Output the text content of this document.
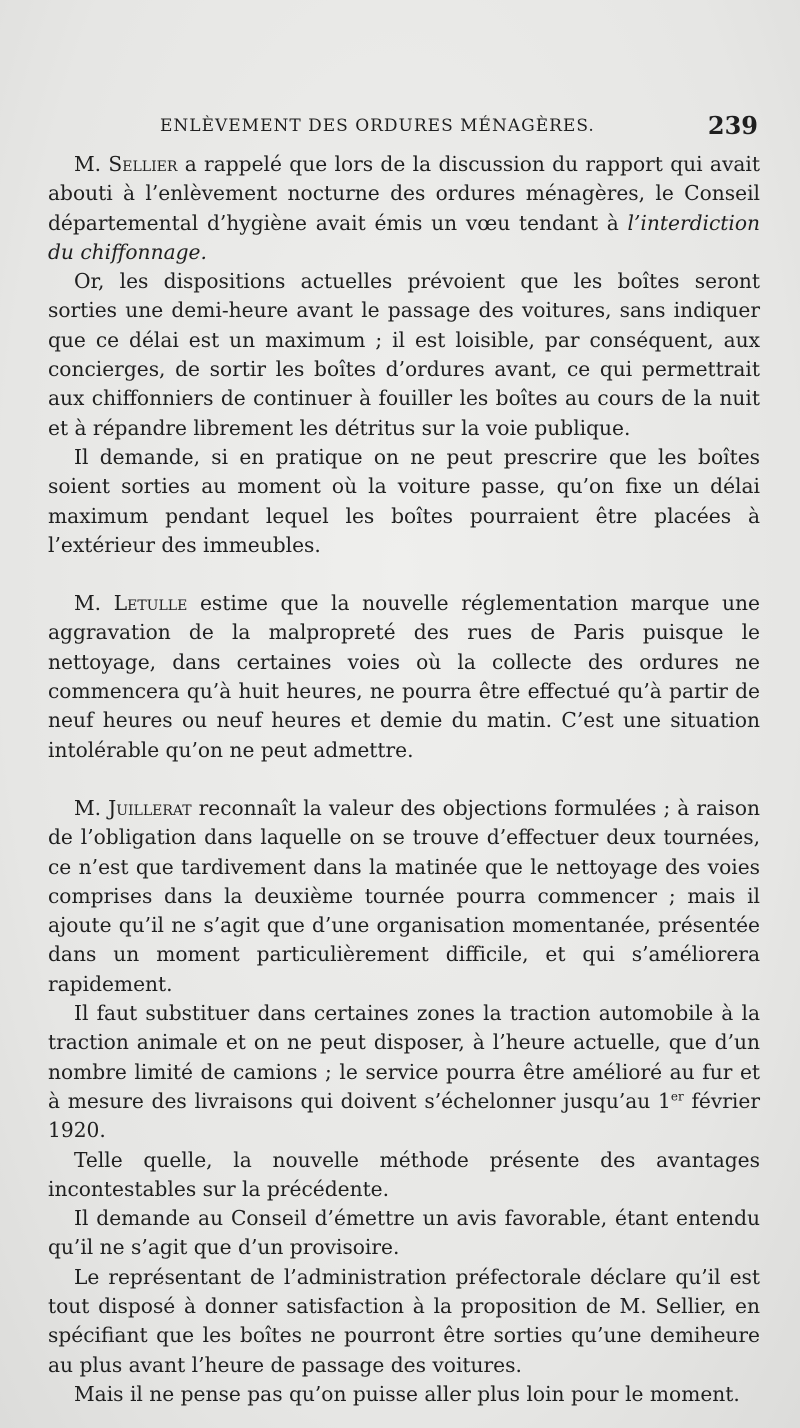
ENLÈVEMENT DES ORDURES MÉNAGÈRES.	239

M. Sellier a rappelé que lors de la discussion du rapport qui avait abouti à l’enlèvement nocturne des ordures ménagères, le Conseil départemental d’hygiène avait émis un vœu tendant à l’interdiction du chiffonnage.

Or, les dispositions actuelles prévoient que les boîtes seront sorties une demi-heure avant le passage des voitures, sans indiquer que ce délai est un maximum ; il est loisible, par conséquent, aux concierges, de sortir les boîtes d’ordures avant, ce qui permettrait aux chiffonniers de continuer à fouiller les boîtes au cours de la nuit et à répandre librement les détritus sur la voie publique.

Il demande, si en pratique on ne peut prescrire que les boîtes soient sorties au moment où la voiture passe, qu’on fixe un délai maximum pendant lequel les boîtes pourraient être placées à l’extérieur des immeubles.

M. Letulle estime que la nouvelle réglementation marque une aggravation de la malpropreté des rues de Paris puisque le nettoyage, dans certaines voies où la collecte des ordures ne commencera qu’à huit heures, ne pourra être effectué qu’à partir de neuf heures ou neuf heures et demie du matin. C’est une situation intolérable qu’on ne peut admettre.

M. Juillerat reconnaît la valeur des objections formulées ; à raison de l’obligation dans laquelle on se trouve d’effectuer deux tournées, ce n’est que tardivement dans la matinée que le nettoyage des voies comprises dans la deuxième tournée pourra commencer ; mais il ajoute qu’il ne s’agit que d’une organisation momentanée, présentée dans un moment particulièrement difficile, et qui s’améliorera rapidement.

Il faut substituer dans certaines zones la traction automobile à la traction animale et on ne peut disposer, à l’heure actuelle, que d’un nombre limité de camions ; le service pourra être amélioré au fur et à mesure des livraisons qui doivent s’échelonner jusqu’au 1er février 1920.

Telle quelle, la nouvelle méthode présente des avantages incontestables sur la précédente.

Il demande au Conseil d’émettre un avis favorable, étant entendu qu’il ne s’agit que d’un provisoire.

Le représentant de l’administration préfectorale déclare qu’il est tout disposé à donner satisfaction à la proposition de M. Sellier, en spécifiant que les boîtes ne pourront être sorties qu’une demiheure au plus avant l’heure de passage des voitures.

Mais il ne pense pas qu’on puisse aller plus loin pour le moment.
